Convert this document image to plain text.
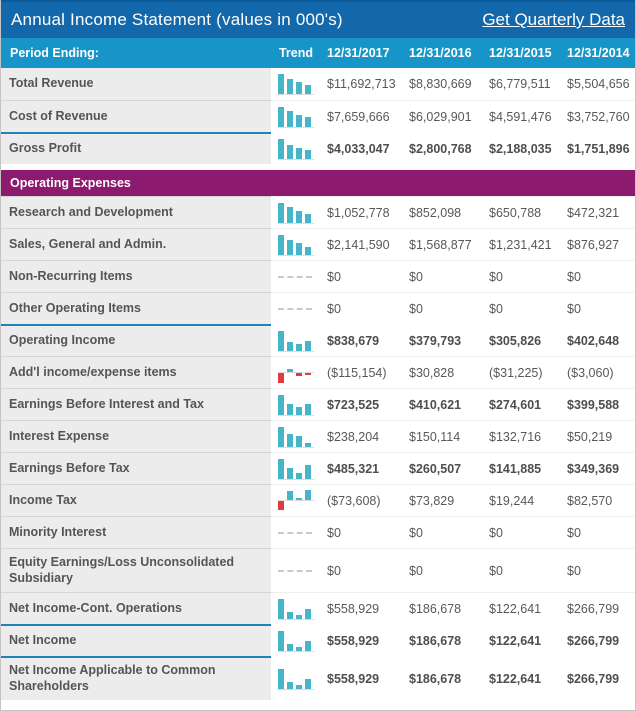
Annual Income Statement (values in 000's)	Get Quarterly Data
Period Ending:	Trend	12/31/2017	12/31/2016	12/31/2015	12/31/2014
Total Revenue	$11,692,713	$8,830,669	$6,779,511	$5,504,656
Cost of Revenue	$7,659,666	$6,029,901	$4,591,476	$3,752,760
Gross Profit	$4,033,047	$2,800,768	$2,188,035	$1,751,896
Operating Expenses
Research and Development	$1,052,778	$852,098	$650,788	$472,321
Sales, General and Admin.	$2,141,590	$1,568,877	$1,231,421	$876,927
Non-Recurring Items	$0	$0	$0	$0
Other Operating Items	$0	$0	$0	$0
Operating Income	$838,679	$379,793	$305,826	$402,648
Add'l income/expense items	($115,154)	$30,828	($31,225)	($3,060)
Earnings Before Interest and Tax	$723,525	$410,621	$274,601	$399,588
Interest Expense	$238,204	$150,114	$132,716	$50,219
Earnings Before Tax	$485,321	$260,507	$141,885	$349,369
Income Tax	($73,608)	$73,829	$19,244	$82,570
Minority Interest	$0	$0	$0	$0
Equity Earnings/Loss Unconsolidated Subsidiary	$0	$0	$0	$0
Net Income-Cont. Operations	$558,929	$186,678	$122,641	$266,799
Net Income	$558,929	$186,678	$122,641	$266,799
Net Income Applicable to Common Shareholders	$558,929	$186,678	$122,641	$266,799
